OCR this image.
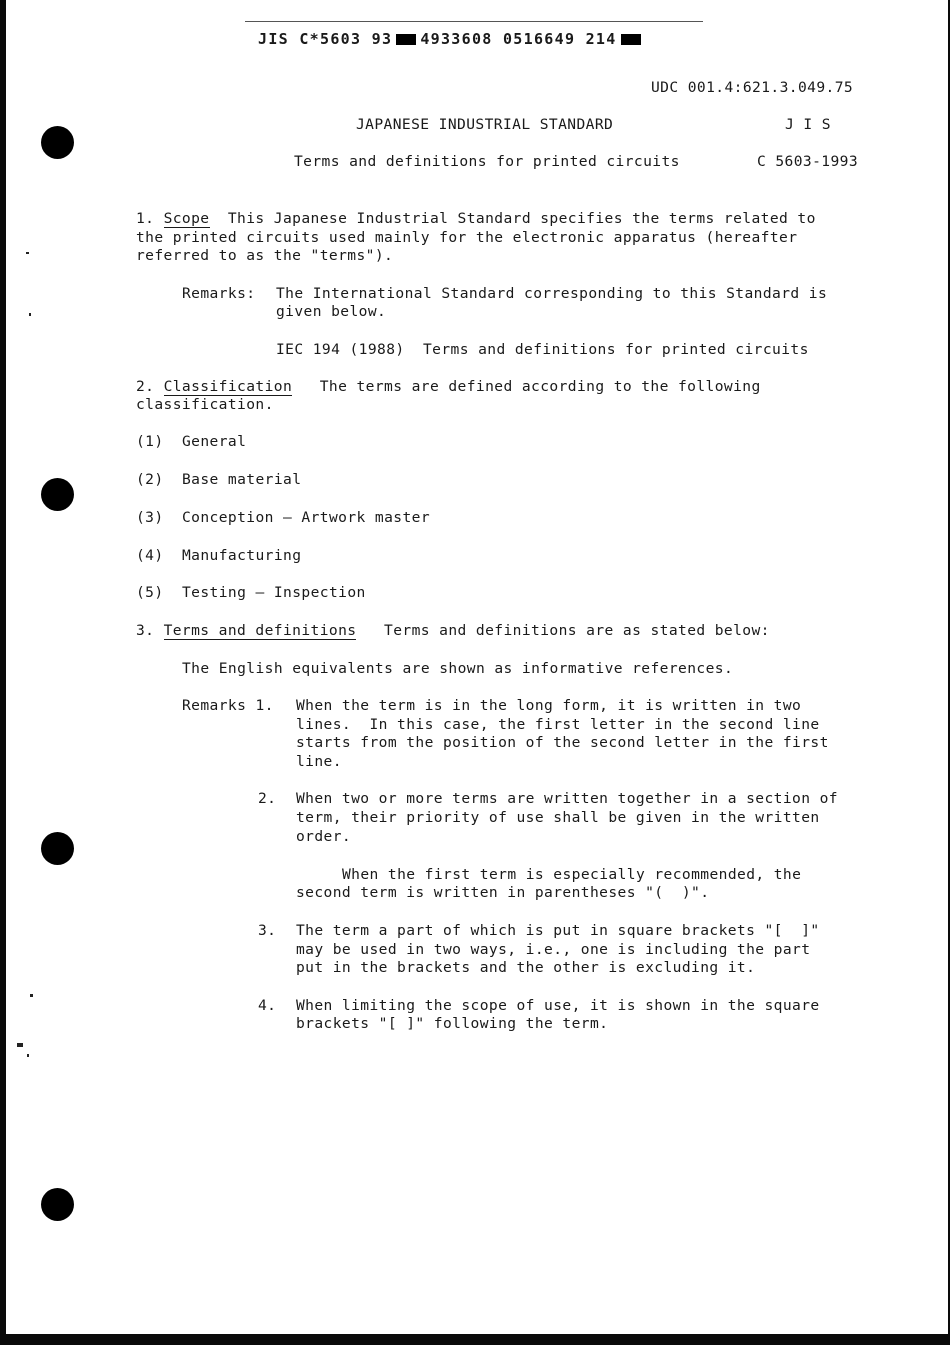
JIS C*5603 93 4933608 0516649 214
UDC 001.4:621.3.049.75
JAPANESE INDUSTRIAL STANDARD	J I S
Terms and definitions for printed circuits	C 5603-1993
1. Scope This Japanese Industrial Standard specifies the terms related to
the printed circuits used mainly for the electronic apparatus (hereafter
referred to as the "terms").
Remarks: The International Standard corresponding to this Standard is
given below.
IEC 194 (1988)  Terms and definitions for printed circuits
2. Classification The terms are defined according to the following
classification.
(1) General
(2) Base material
(3) Conception — Artwork master
(4) Manufacturing
(5) Testing — Inspection
3. Terms and definitions Terms and definitions are as stated below:
The English equivalents are shown as informative references.
Remarks 1. When the term is in the long form, it is written in two
lines.  In this case, the first letter in the second line
starts from the position of the second letter in the first
line.
2. When two or more terms are written together in a section of
term, their priority of use shall be given in the written
order.
When the first term is especially recommended, the
second term is written in parentheses "(  )".
3. The term a part of which is put in square brackets "[  ]"
may be used in two ways, i.e., one is including the part
put in the brackets and the other is excluding it.
4. When limiting the scope of use, it is shown in the square
brackets "[ ]" following the term.
